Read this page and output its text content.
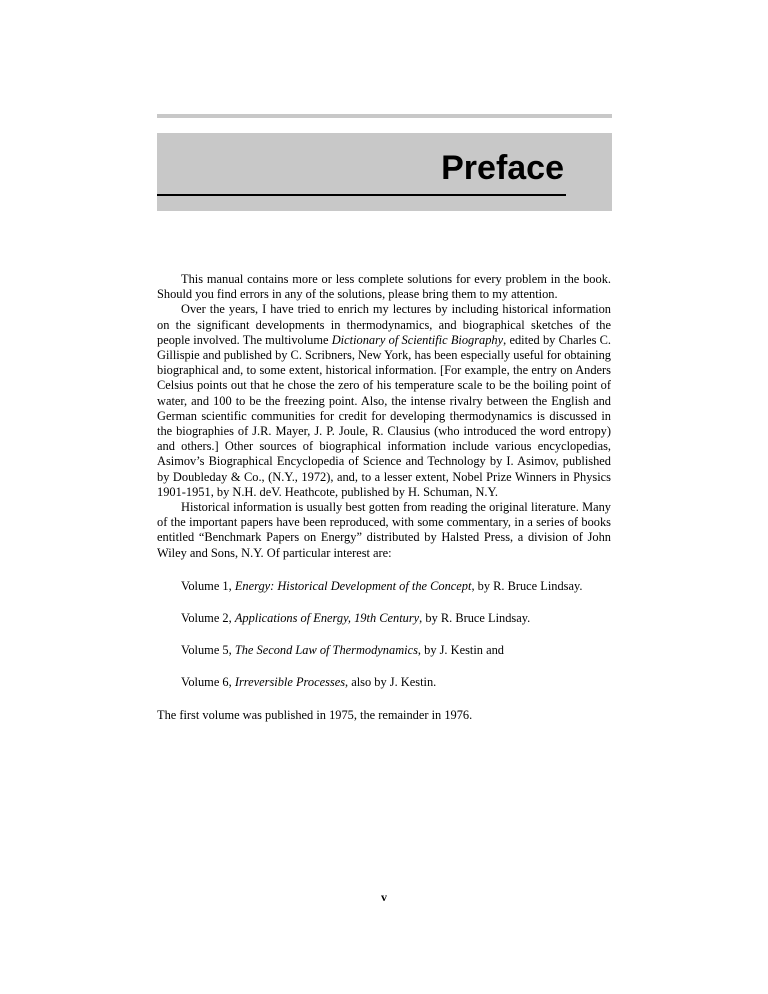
Preface

This manual contains more or less complete solutions for every problem in the book. Should you find errors in any of the solutions, please bring them to my attention.

Over the years, I have tried to enrich my lectures by including historical information on the significant developments in thermodynamics, and biographical sketches of the people involved. The multivolume Dictionary of Scientific Biography, edited by Charles C. Gillispie and published by C. Scribners, New York, has been especially useful for obtaining biographical and, to some extent, historical information. [For example, the entry on Anders Celsius points out that he chose the zero of his temperature scale to be the boiling point of water, and 100 to be the freezing point. Also, the intense rivalry between the English and German scientific communities for credit for developing thermodynamics is discussed in the biographies of J.R. Mayer, J. P. Joule, R. Clausius (who introduced the word entropy) and others.] Other sources of biographical information include various encyclopedias, Asimov’s Biographical Encyclopedia of Science and Technology by I. Asimov, published by Doubleday & Co., (N.Y., 1972), and, to a lesser extent, Nobel Prize Winners in Physics 1901-1951, by N.H. deV. Heathcote, published by H. Schuman, N.Y.

Historical information is usually best gotten from reading the original literature. Many of the important papers have been reproduced, with some commentary, in a series of books entitled “Benchmark Papers on Energy” distributed by Halsted Press, a division of John Wiley and Sons, N.Y. Of particular interest are:

Volume 1, Energy: Historical Development of the Concept, by R. Bruce Lindsay.
Volume 2, Applications of Energy, 19th Century, by R. Bruce Lindsay.
Volume 5, The Second Law of Thermodynamics, by J. Kestin and
Volume 6, Irreversible Processes, also by J. Kestin.

The first volume was published in 1975, the remainder in 1976.

v
